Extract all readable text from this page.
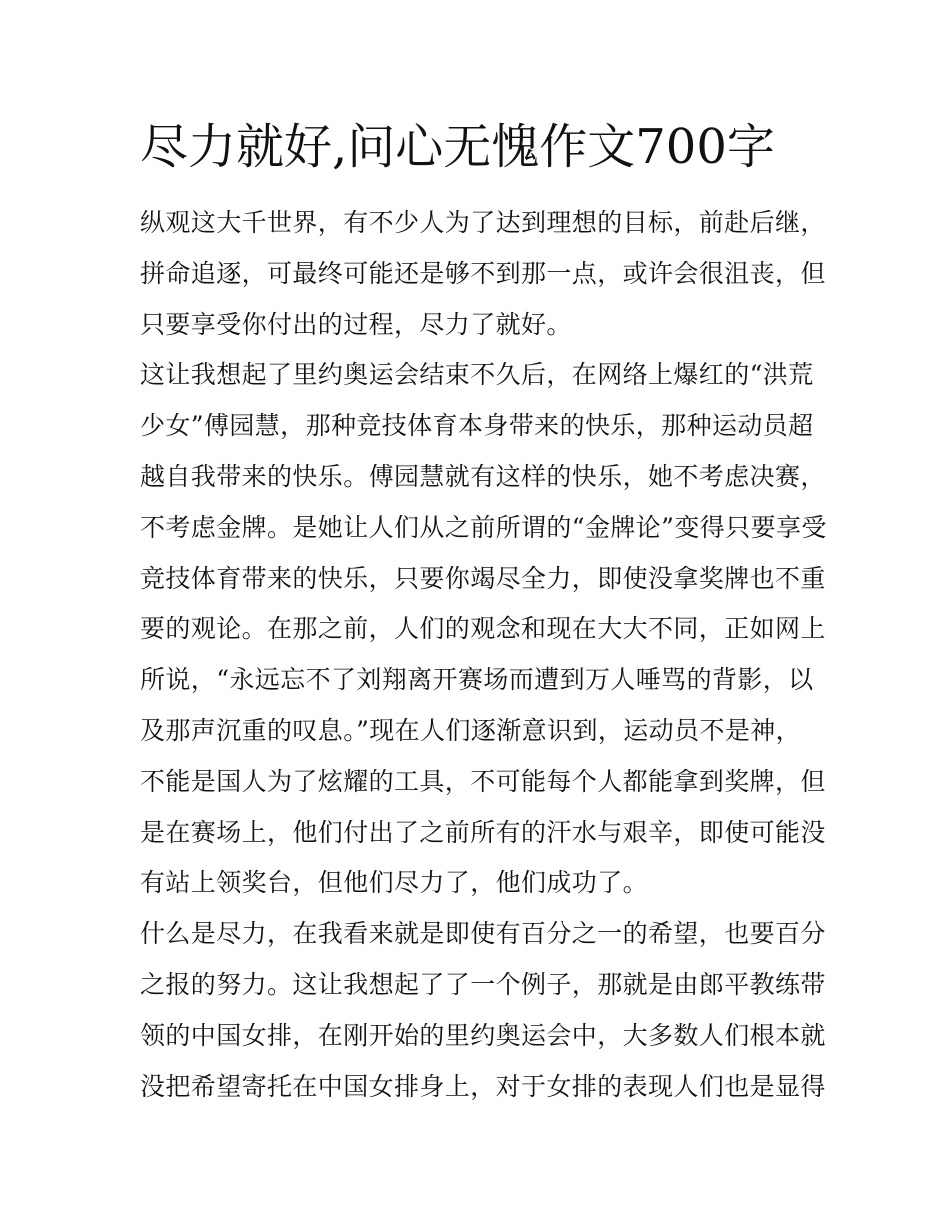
尽力就好,问心无愧作文700字
纵观这大千世界，有不少人为了达到理想的目标，前赴后继，
拼命追逐，可最终可能还是够不到那一点，或许会很沮丧，但
只要享受你付出的过程，尽力了就好。
这让我想起了里约奥运会结束不久后，在网络上爆红的“洪荒
少女”傅园慧，那种竞技体育本身带来的快乐，那种运动员超
越自我带来的快乐。傅园慧就有这样的快乐，她不考虑决赛，
不考虑金牌。是她让人们从之前所谓的“金牌论”变得只要享受
竞技体育带来的快乐，只要你竭尽全力，即使没拿奖牌也不重
要的观论。在那之前，人们的观念和现在大大不同，正如网上
所说，“永远忘不了刘翔离开赛场而遭到万人唾骂的背影，以
及那声沉重的叹息。”现在人们逐渐意识到，运动员不是神，
不能是国人为了炫耀的工具，不可能每个人都能拿到奖牌，但
是在赛场上，他们付出了之前所有的汗水与艰辛，即使可能没
有站上领奖台，但他们尽力了，他们成功了。
什么是尽力，在我看来就是即使有百分之一的希望，也要百分
之报的努力。这让我想起了了一个例子，那就是由郎平教练带
领的中国女排，在刚开始的里约奥运会中，大多数人们根本就
没把希望寄托在中国女排身上，对于女排的表现人们也是显得
